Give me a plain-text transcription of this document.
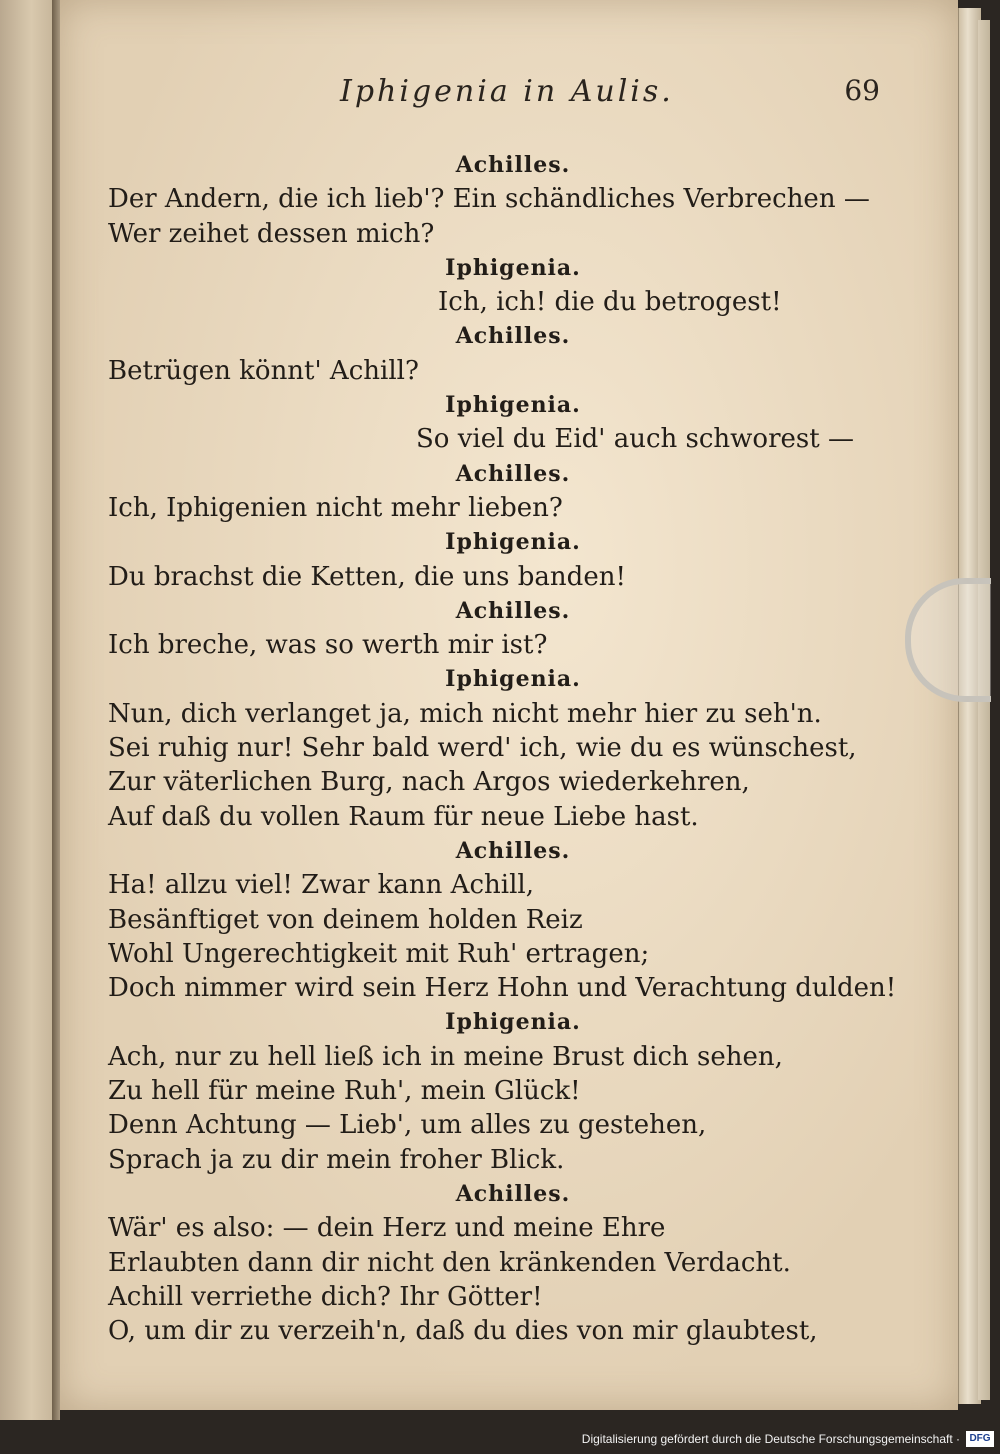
Iphigenia in Aulis.	69
Achilles.
Der Andern, die ich lieb'? Ein schändliches Verbrechen —
Wer zeihet dessen mich?
Iphigenia.
Ich, ich! die du betrogest!
Achilles.
Betrügen könnt' Achill?
Iphigenia.
So viel du Eid' auch schworest —
Achilles.
Ich, Iphigenien nicht mehr lieben?
Iphigenia.
Du brachst die Ketten, die uns banden!
Achilles.
Ich breche, was so werth mir ist?
Iphigenia.
Nun, dich verlanget ja, mich nicht mehr hier zu seh'n.
Sei ruhig nur! Sehr bald werd' ich, wie du es wünschest,
Zur väterlichen Burg, nach Argos wiederkehren,
Auf daß du vollen Raum für neue Liebe hast.
Achilles.
Ha! allzu viel! Zwar kann Achill,
Besänftiget von deinem holden Reiz
Wohl Ungerechtigkeit mit Ruh' ertragen;
Doch nimmer wird sein Herz Hohn und Verachtung dulden!
Iphigenia.
Ach, nur zu hell ließ ich in meine Brust dich sehen,
Zu hell für meine Ruh', mein Glück!
Denn Achtung — Lieb', um alles zu gestehen,
Sprach ja zu dir mein froher Blick.
Achilles.
Wär' es also: — dein Herz und meine Ehre
Erlaubten dann dir nicht den kränkenden Verdacht.
Achill verriethe dich? Ihr Götter!
O, um dir zu verzeih'n, daß du dies von mir glaubtest,
Digitalisierung gefördert durch die Deutsche Forschungsgemeinschaft · DFG
